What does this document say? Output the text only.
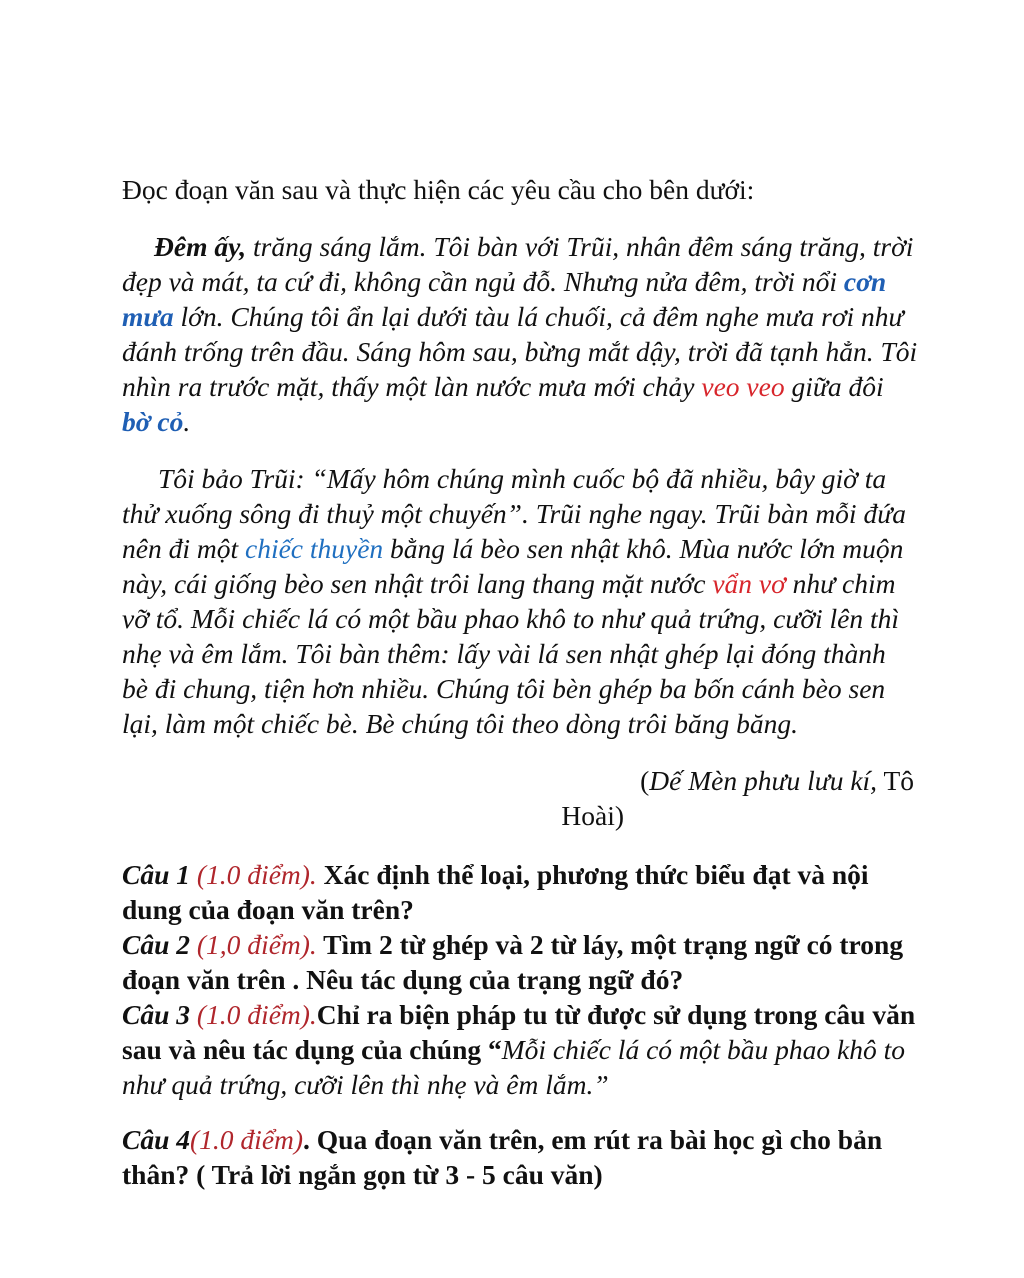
Đọc đoạn văn sau và thực hiện các yêu cầu cho bên dưới:

Đêm ấy, trăng sáng lắm. Tôi bàn với Trũi, nhân đêm sáng trăng, trời đẹp và mát, ta cứ đi, không cần ngủ đỗ. Nhưng nửa đêm, trời nổi cơn mưa lớn. Chúng tôi ẩn lại dưới tàu lá chuối, cả đêm nghe mưa rơi như đánh trống trên đầu. Sáng hôm sau, bừng mắt dậy, trời đã tạnh hẳn. Tôi nhìn ra trước mặt, thấy một làn nước mưa mới chảy veo veo giữa đôi bờ cỏ.

Tôi bảo Trũi: “Mấy hôm chúng mình cuốc bộ đã nhiều, bây giờ ta thử xuống sông đi thuỷ một chuyến”. Trũi nghe ngay. Trũi bàn mỗi đứa nên đi một chiếc thuyền bằng lá bèo sen nhật khô. Mùa nước lớn muộn này, cái giống bèo sen nhật trôi lang thang mặt nước vẩn vơ như chim vỡ tổ. Mỗi chiếc lá có một bầu phao khô to như quả trứng, cưỡi lên thì nhẹ và êm lắm. Tôi bàn thêm: lấy vài lá sen nhật ghép lại đóng thành bè đi chung, tiện hơn nhiều. Chúng tôi bèn ghép ba bốn cánh bèo sen lại, làm một chiếc bè. Bè chúng tôi theo dòng trôi băng băng.

(Dế Mèn phưu lưu kí, Tô
Hoài)

Câu 1 (1.0 điểm). Xác định thể loại, phương thức biểu đạt và nội dung của đoạn văn trên?

Câu 2 (1,0 điểm). Tìm 2 từ ghép và 2 từ láy, một trạng ngữ có trong đoạn văn trên . Nêu tác dụng của trạng ngữ đó?

Câu 3 (1.0 điểm).Chỉ ra biện pháp tu từ được sử dụng trong câu văn sau và nêu tác dụng của chúng “Mỗi chiếc lá có một bầu phao khô to như quả trứng, cưỡi lên thì nhẹ và êm lắm.”

Câu 4(1.0 điểm). Qua đoạn văn trên, em rút ra bài học gì cho bản thân? ( Trả lời ngắn gọn từ 3 - 5 câu văn)
